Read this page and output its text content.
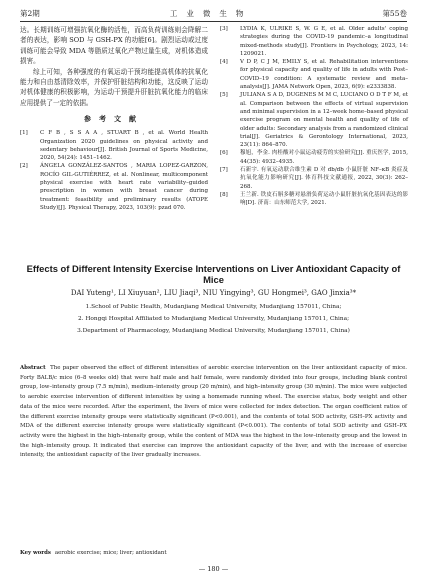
第2期	工业微生物	第55卷

达。长期训练可增强抗氧化酶的活性，而高负荷训练则会降解二者的表达，影响 SOD 与 GSH-PX 的功能[6]。剧烈运动或过度训练可能会导致 MDA 等脂质过氧化产物过量生成，对机体造成损害。

综上可知，各种强度的有氧运动干预均能提高机体的抗氧化能力和自由基清除效率，并保护肝脏结构和功能，这反映了运动对机体健康的积极影响，为运动干预提升肝脏抗氧化能力的临床应用提供了一定的依据。

参考文献
[1]	C F B , S S A A , STUART B , et al. World Health Organization 2020 guidelines on physical activity and sedentary behaviour[J]. British Journal of Sports Medicine, 2020, 54(24): 1451–1462.
[2]	ÁNGELA GONZÁLEZ-SANTOS , MARIA LOPEZ-GARZON, ROCÍO GIL-GUTIÉRREZ, et al. Nonlinear, multicomponent physical exercise with heart rate variability–guided prescription in women with breast cancer during treatment: feasibility and preliminary results (ATOPE Study)[J]. Physical Therapy, 2023, 103(9): pzad 070.
[3]	LYDIA K, ULRIKE S, W. G E, et al. Older adults' coping strategies during the COVID-19 pandemic–a longitudinal mixed-methods study[J]. Frontiers in Psychology, 2023, 14: 1209021.
[4]	V D P, C J M, EMILY S, et al. Rehabilitation interventions for physical capacity and quality of life in adults with Post–COVID–19 condition: A systematic review and meta–analysis[J]. JAMA Network Open, 2023, 6(9): e2333838.
[5]	JULIANA S A D, DUGENES M M C, LUCIANO O D T F M, et al. Comparison between the effects of virtual supervision and minimal supervision in a 12–week home–based physical exercise program on mental health and quality of life of older adults: Secondary analysis from a randomized clinical trial[J]. Geriatrics & Gerontology International, 2023, 23(11): 864–870.
[6]	穆旭，李金. 肉桂酸对小鼠运动疲劳的实验研究[J]. 重庆医学, 2015, 44(35): 4932–4935.
[7]	石新宇. 有氧运动联合维生素 D 对 db/db 小鼠肝脏 NF–κB 炎症及抗氧化能力影响研究[J]. 体育科技文献通报, 2022, 30(3): 262–268.
[8]	王兰新. 铁皮石斛多糖对悬滑负荷运动小鼠肝脏抗氧化基因表达的影响[D]. 济南：山东师范大学, 2021.
Effects of Different Intensity Exercise Interventions on Liver Antioxidant Capacity of Mice
DAI Yuteng¹, LI Xiuyuan², LIU Jiaqi³, NIU Yingying³, GU Hongmei³, GAO Jinxia³*
1.School of Public Health, Mudanjiang Medical University, Mudanjiang 157011, China;
2. Hongqi Hospital Affiliated to Mudanjiang Medical University, Mudanjiang 157011, China;
3.Department of Pharmacology, Mudanjiang Medical University, Mudanjiang 157011, China)
Abstract The paper observed the effect of different intensities of aerobic exercise intervention on the liver antioxidant capacity of mice. Forty BALB/c mice (6–8 weeks old) that were half male and half female, were randomly divided into four groups, including blank control group, low–intensity group (7.5 m/min), medium–intensity group (20 m/min), and high–intensity group (30 m/min). The mice were subjected to aerobic exercise intervention of different intensities by using a homemade running wheel. The exercise status, body weight and other data of the mice were recorded. After the experiment, the livers of mice were collected for index detection. The organ coefficient ratios of the different exercise intensity groups were statistically significant (P<0.001), and the contents of total SOD activity, GSH–PX activity and MDA of the different exercise intensity groups were statistically significant (P<0.001). The contents of total SOD activity and GSH–PX activity were the highest in the high–intensity group, while the content of MDA was the highest in the low–intensity group and the lowest in the high–intensity group. It indicated that exercise can improve the antioxidant capacity of the liver, and with the increase of exercise intensity, the antioxidant capacity of the liver gradually increases.
Key words aerobic exercise; mice; liver; antioxidant
— 180 —
